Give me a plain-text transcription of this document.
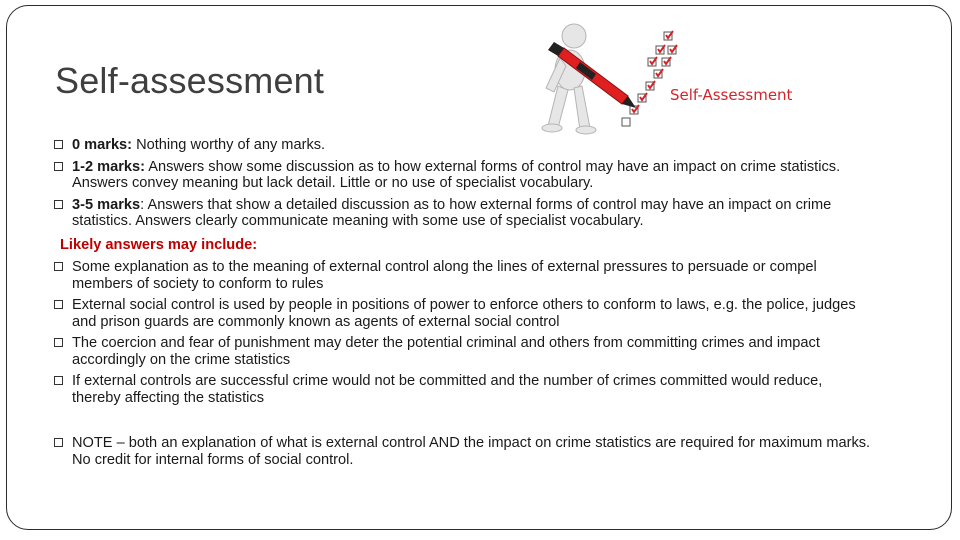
Self-assessment	Self-Assessment
0 marks: Nothing worthy of any marks.
1-2 marks: Answers show some discussion as to how external forms of control may have an impact on crime statistics. Answers convey meaning but lack detail. Little or no use of specialist vocabulary.
3-5 marks: Answers that show a detailed discussion as to how external forms of control may have an impact on crime statistics. Answers clearly communicate meaning with some use of specialist vocabulary.
Likely answers may include:
Some explanation as to the meaning of external control along the lines of external pressures to persuade or compel members of society to conform to rules
External social control is used by people in positions of power to enforce others to conform to laws, e.g. the police, judges and prison guards are commonly known as agents of external social control
The coercion and fear of punishment may deter the potential criminal and others from committing crimes and impact accordingly on the crime statistics
If external controls are successful crime would not be committed and the number of crimes committed would reduce, thereby affecting the statistics
NOTE – both an explanation of what is external control AND the impact on crime statistics are required for maximum marks. No credit for internal forms of social control.
